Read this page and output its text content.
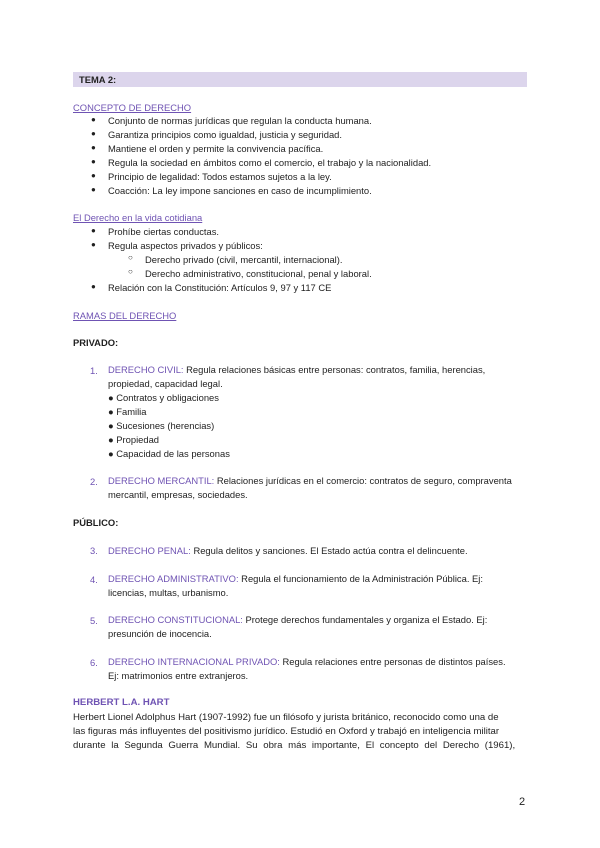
TEMA 2:
CONCEPTO DE DERECHO
● Conjunto de normas jurídicas que regulan la conducta humana.
● Garantiza principios como igualdad, justicia y seguridad.
● Mantiene el orden y permite la convivencia pacífica.
● Regula la sociedad en ámbitos como el comercio, el trabajo y la nacionalidad.
● Principio de legalidad: Todos estamos sujetos a la ley.
● Coacción: La ley impone sanciones en caso de incumplimiento.
El Derecho en la vida cotidiana
● Prohíbe ciertas conductas.
● Regula aspectos privados y públicos:
○ Derecho privado (civil, mercantil, internacional).
○ Derecho administrativo, constitucional, penal y laboral.
● Relación con la Constitución: Artículos 9, 97 y 117 CE
RAMAS DEL DERECHO
PRIVADO:
1. DERECHO CIVIL: Regula relaciones básicas entre personas: contratos, familia, herencias,
propiedad, capacidad legal.
● Contratos y obligaciones
● Familia
● Sucesiones (herencias)
● Propiedad
● Capacidad de las personas
2. DERECHO MERCANTIL: Relaciones jurídicas en el comercio: contratos de seguro, compraventa
mercantil, empresas, sociedades.
PÚBLICO:
3. DERECHO PENAL: Regula delitos y sanciones. El Estado actúa contra el delincuente.
4. DERECHO ADMINISTRATIVO: Regula el funcionamiento de la Administración Pública. Ej:
licencias, multas, urbanismo.
5. DERECHO CONSTITUCIONAL: Protege derechos fundamentales y organiza el Estado. Ej:
presunción de inocencia.
6. DERECHO INTERNACIONAL PRIVADO: Regula relaciones entre personas de distintos países.
Ej: matrimonios entre extranjeros.
HERBERT L.A. HART
Herbert Lionel Adolphus Hart (1907-1992) fue un filósofo y jurista británico, reconocido como una de
las figuras más influyentes del positivismo jurídico. Estudió en Oxford y trabajó en inteligencia militar
durante la Segunda Guerra Mundial. Su obra más importante, El concepto del Derecho (1961),
2
